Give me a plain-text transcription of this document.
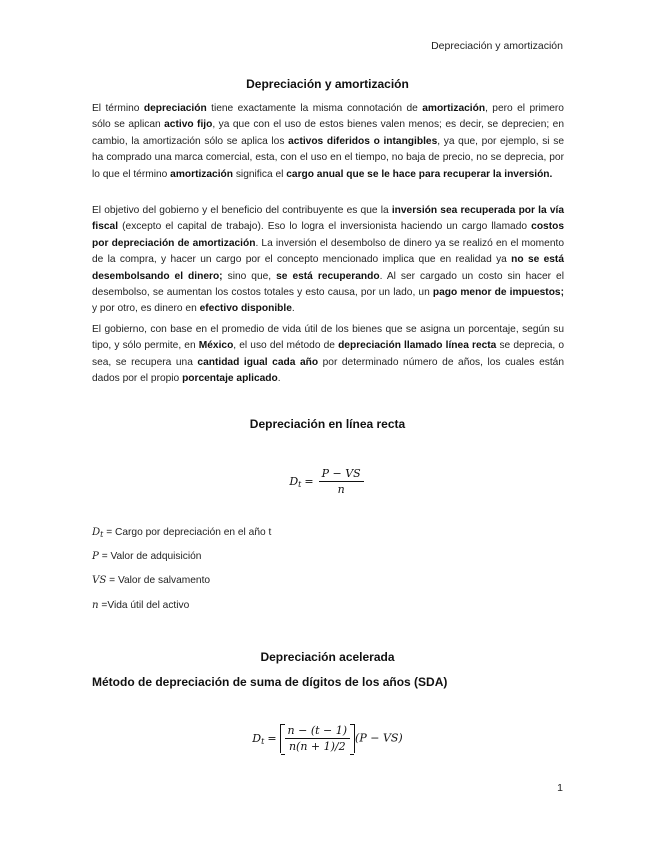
Depreciación y amortización
Depreciación y amortización
El término depreciación tiene exactamente la misma connotación de amortización, pero el primero sólo se aplican activo fijo, ya que con el uso de estos bienes valen menos; es decir, se deprecien; en cambio, la amortización sólo se aplica los activos diferidos o intangibles, ya que, por ejemplo, si se ha comprado una marca comercial, esta, con el uso en el tiempo, no baja de precio, no se deprecia, por lo que el término amortización significa el cargo anual que se le hace para recuperar la inversión.
El objetivo del gobierno y el beneficio del contribuyente es que la inversión sea recuperada por la vía fiscal (excepto el capital de trabajo). Eso lo logra el inversionista haciendo un cargo llamado costos por depreciación de amortización. La inversión el desembolso de dinero ya se realizó en el momento de la compra, y hacer un cargo por el concepto mencionado implica que en realidad ya no se está desembolsando el dinero; sino que, se está recuperando. Al ser cargado un costo sin hacer el desembolso, se aumentan los costos totales y esto causa, por un lado, un pago menor de impuestos; y por otro, es dinero en efectivo disponible.
El gobierno, con base en el promedio de vida útil de los bienes que se asigna un porcentaje, según su tipo, y sólo permite, en México, el uso del método de depreciación llamado línea recta se deprecia, o sea, se recupera una cantidad igual cada año por determinado número de años, los cuales están dados por el propio porcentaje aplicado.
Depreciación en línea recta
$D_t = \frac{P - VS}{n}$
$D_t$ = Cargo por depreciación en el año t
P = Valor de adquisición
VS = Valor de salvamento
n =Vida útil del activo
Depreciación acelerada
Método de depreciación de suma de dígitos de los años (SDA)
$D_t = \frac{n - (t - 1)}{n(n + 1)/2} (P - VS)$
1
